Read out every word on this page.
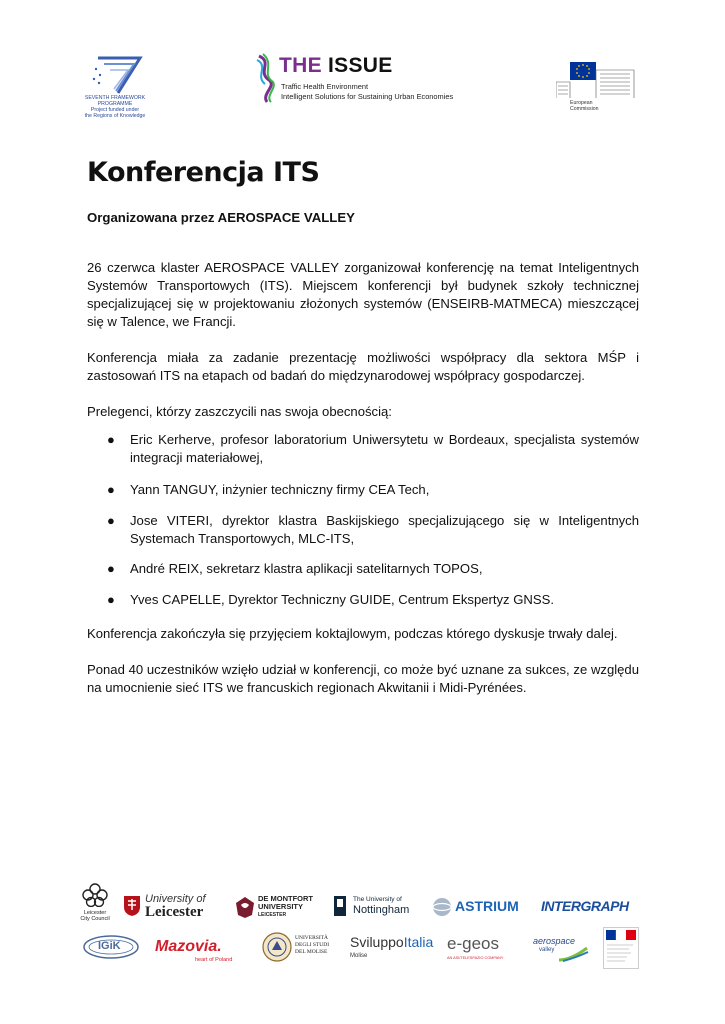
SEVENTH FRAMEWORK
PROGRAMME
Project funded under
the Regions of Knowledge
THE ISSUE
Traffic Health Environment
Intelligent Solutions for Sustaining Urban Economies
European
Commission
Konferencja ITS
Organizowana przez AEROSPACE VALLEY

26 czerwca klaster AEROSPACE VALLEY zorganizował konferencję na temat Inteligentnych Systemów Transportowych (ITS). Miejscem konferencji był budynek szkoły technicznej specjalizującej się w projektowaniu złożonych systemów (ENSEIRB-MATMECA) mieszczącej się w Talence, we Francji.

Konferencja miała za zadanie prezentację możliwości współpracy dla sektora MŚP i zastosowań ITS na etapach od badań do międzynarodowej współpracy gospodarczej.

Prelegenci, którzy zaszczycili nas swoja obecnością:

● Eric Kerherve, profesor laboratorium Uniwersytetu w Bordeaux, specjalista systemów integracji materiałowej,
● Yann TANGUY, inżynier techniczny firmy CEA Tech,
● Jose VITERI, dyrektor klastra Baskijskiego specjalizującego się w Inteligentnych Systemach Transportowych, MLC-ITS,
● André REIX, sekretarz klastra aplikacji satelitarnych TOPOS,
● Yves CAPELLE, Dyrektor Techniczny GUIDE, Centrum Ekspertyz GNSS.

Konferencja zakończyła się przyjęciem koktajlowym, podczas którego dyskusje trwały dalej.

Ponad 40 uczestników wzięło udział w konferencji, co może być uznane za sukces, ze względu na umocnienie sieć ITS we francuskich regionach Akwitanii i Midi-Pyrénées.

Leicester
City Council
University of
Leicester
DE MONTFORT
UNIVERSITY
LEICESTER
The University of
Nottingham	ASTRIUM INTERGRAPH
IGiK Mazovia.
heart of Poland
UNIVERSITÀ
DEGLI STUDI
DEL MOLISE
SviluppoItalia
Molise
e-geos
AN ASI/TELESPAZIO COMPANY
aerospace
valley
